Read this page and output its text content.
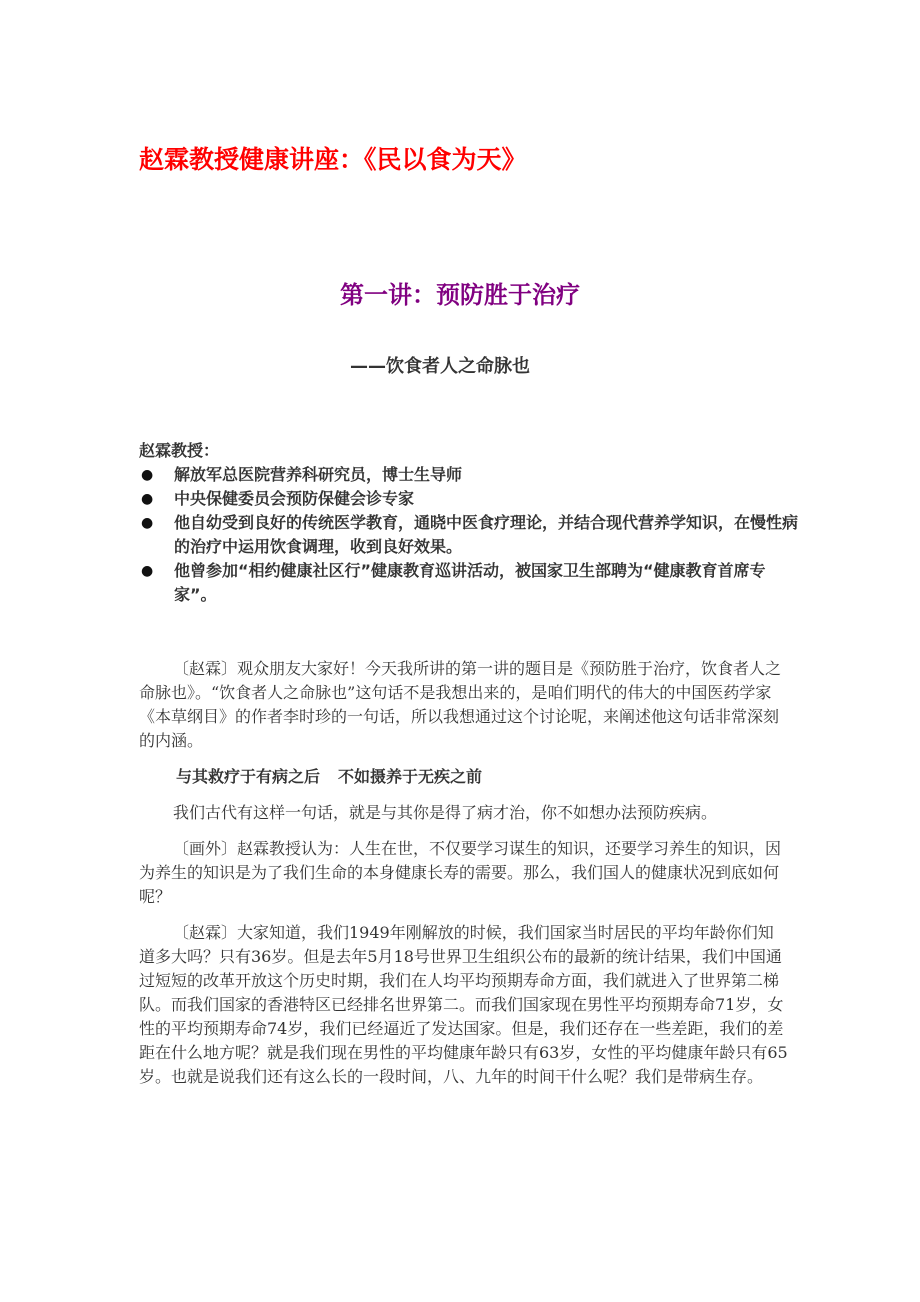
赵霖教授健康讲座：《民以食为天》
第一讲：预防胜于治疗
——饮食者人之命脉也
赵霖教授：
● 解放军总医院营养科研究员，博士生导师
● 中央保健委员会预防保健会诊专家
● 他自幼受到良好的传统医学教育，通晓中医食疗理论，并结合现代营养学知识，在慢性病的治疗中运用饮食调理，收到良好效果。
● 他曾参加“相约健康社区行”健康教育巡讲活动，被国家卫生部聘为“健康教育首席专家”。

〔赵霖〕观众朋友大家好！今天我所讲的第一讲的题目是《预防胜于治疗，饮食者人之命脉也》。“饮食者人之命脉也”这句话不是我想出来的，是咱们明代的伟大的中国医药学家《本草纲目》的作者李时珍的一句话，所以我想通过这个讨论呢，来阐述他这句话非常深刻的内涵。

与其救疗于有病之后 不如摄养于无疾之前

我们古代有这样一句话，就是与其你是得了病才治，你不如想办法预防疾病。

〔画外〕赵霖教授认为：人生在世，不仅要学习谋生的知识，还要学习养生的知识，因为养生的知识是为了我们生命的本身健康长寿的需要。那么，我们国人的健康状况到底如何呢？

〔赵霖〕大家知道，我们1949年刚解放的时候，我们国家当时居民的平均年龄你们知道多大吗？只有36岁。但是去年5月18号世界卫生组织公布的最新的统计结果，我们中国通过短短的改革开放这个历史时期，我们在人均平均预期寿命方面，我们就进入了世界第二梯队。而我们国家的香港特区已经排名世界第二。而我们国家现在男性平均预期寿命71岁，女性的平均预期寿命74岁，我们已经逼近了发达国家。但是，我们还存在一些差距，我们的差距在什么地方呢？就是我们现在男性的平均健康年龄只有63岁，女性的平均健康年龄只有65岁。也就是说我们还有这么长的一段时间，八、九年的时间干什么呢？我们是带病生存。
